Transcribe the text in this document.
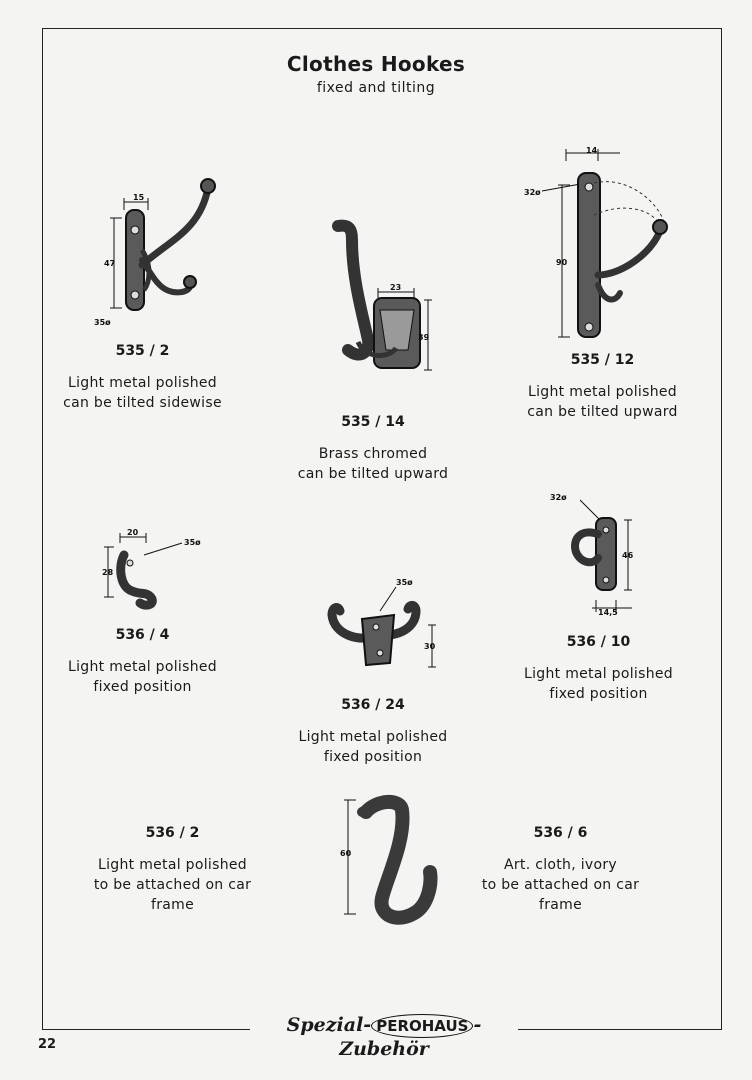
Clothes Hookes
fixed and tilting
15
47
35ø
535 / 2
Light metal polished
can be tilted sidewise
23
39
535 / 14
Brass chromed
can be tilted upward
14
32ø
90
535 / 12
Light metal polished
can be tilted upward
20
35ø
28
536 / 4
Light metal polished
fixed position
35ø
30
536 / 24
Light metal polished
fixed position
32ø
46
14,5
536 / 10
Light metal polished
fixed position
536 / 2
Light metal polished
to be attached on car
frame
60
536 / 6
Art. cloth, ivory
to be attached on car
frame
Spezial- PEROHAUS -Zubehör
22
